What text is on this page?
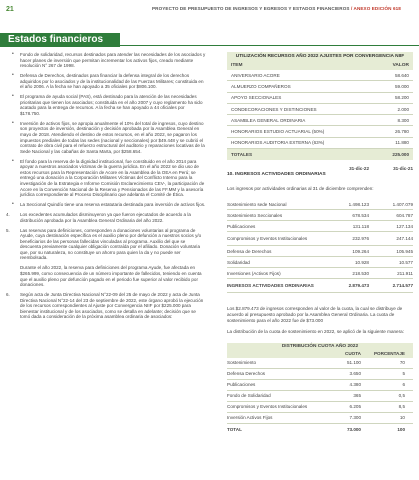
21	PROYECTO DE PRESUPUESTO DE INGRESOS Y EGRESOS Y ESTADOS FINANCIEROS / ANEXO EDICIÓN 618
Estados financieros

• Fondo de solidaridad, recursos destinados para atender las necesidades de los asociados y hacer planes de inversión que permitan incrementar los activos fijos, creado mediante resolución N° 267 de 1998.

• Defensa de Derechos, destinados para financiar la defensa integral de los derechos adquiridos por lo asociados y de la institucionalidad de las Fuerzas Militares; constituida en el año 2006. A la fecha se han apoyado a 35 oficiales por $806.100.

• El programa de ayuda social (PAS), está destinado para la atención de las necesidades prioritarias que tienen los asociados; constituida en el año 2007 y cuyo reglamento ha sido acatado para la entrega de recursos. A la fecha se han apoyado a 44 oficiales por $178.750.

• Inversión de activos fijos, se apropia anualmente el 10% del total de ingresos, cuyo destino son proyectos de inversión, destinación y decisión aprobada por la Asamblea General en mayo de 2018. Atendiendo el destino de estos recursos, en el año 2022, se pagaron los impuestos prediales de todas las sedes (nacional y seccionales) por $49.448 y se cubrió el contrato de obra civil para el refuerzo estructural del auditorio y reparaciones locativas de la Sede Nacional y las cabañas de Santa Marta, por $258.654.

• El fondo para la reserva de la dignidad institucional, fue constituido en el año 2014 para apoyar a nuestros asociados víctimas de la guerra jurídica. En el año 2022 se dio uso de estos recursos para la Representación de Acore en la Asamblea de la OEA en Perú; se entregó una donación a la Corporación Militares Víctimas del Conflicto Interno para la investigación de la Estrategia e Informe Comisión Esclarecimiento CEV-, la participación de Acore en la Convención Nacional de la Reserva y Pensionados de las FF.MM y la asesoría jurídica correspondiente al Proceso Disciplinario que adelanta el Comité de Ética.

• La Seccional Quindío tiene una reserva estatutaria destinada para inversión de activos fijos.

4. Los excedentes acumulados disminuyeron ya que fueron ejecutados de acuerdo a la distribución aprobada por la Asamblea General Ordinaria del año 2022.

5. Las reservas para definiciones, corresponden a donaciones voluntarias al programa de Ayude, cuya destinación específica es el auxilio pleno por defunción a nuestros socios y/o beneficiarios de las personas fallecidas vinculadas al programa. Auxilio del que se descuenta previamente cualquier obligación contraída por el afiliado. Donación voluntaria que, por su naturaleza, no constituye un ahorro para quien la da y no puede ser reembolsada.

Durante el año 2022, la reserva para definiciones del programa Ayude, fue afectada en $265.999, como consecuencia de un número importante de fallecidos, teniendo en cuenta que el auxilio pleno por defunción pagado en el periodo fue superior al valor recibido por donaciones.

6. Según acta de Junta Directiva Nacional N°22-09 del 25 de mayo de 2022 y acta de Junta Directiva Nacional N°22-14 del 23 de septiembre de 2022, este órgano aprobó la ejecución de los recursos correspondientes al Ajuste por Convergencia NIIF por $225.000 para bienestar institucional y de los asociados, como se detalla en adelante; decisión que se tomó dada a consideración de la próxima asamblea ordinaria de asociados:

UTILIZACIÓN RECURSOS AÑO 2022 AJUSTES POR CONVERGENCIA NIIF
ITEM	VALOR
ANIVERSARIO ACORE	58.640
ALMUERZO COMPAÑEROS	59.000
APOYO SECCIONALES	58.200
CONDECORACIONES Y DISTINCIONES	2.000
ASAMBLEA GENERAL ORDINARIA	8.300
HONORARIOS ESTUDIO ACTUARIAL (50%)	26.780
HONORARIOS AUDITORIA EXTERNA (63%)	11.880
TOTALES	225.000
31-dic-22	31-dic-21
10. INGRESOS ACTIVIDADES ORDINARIAS
Los ingresos por actividades ordinarias al 31 de diciembre comprenden:
Sostenimiento sede Nacional	1.498.123	1.407.079
Sostenimiento Seccionales	678.534	604.787
Publicaciones	131.118	127.134
Compromisos y Eventos Institucionales	232.976	247.144
Defensa de Derechos	109.264	105.945
Solidaridad	10.928	10.577
Inversiones (Activos Fijos)	218.530	211.911
INGRESOS ACTIVIDADES ORDINARIAS	2.879.473	2.714.577
Los $2.879.473 de ingresos corresponden al valor de la cuota, la cual se distribuye de acuerdo al presupuesto aprobado por la Asamblea General Ordinaria. La cuota de sostenimiento para el año 2022 fue de $73.000
La distribución de la cuota de sostenimiento en 2022, se aplicó de la siguiente manera:
DISTRIBUCIÓN CUOTA AÑO 2022
CUOTA	PORCENTAJE
Sostenimiento	51.100	70
Defensa Derechos	3.650	5
Publicaciones	4.380	6
Fondo de Solidaridad	365	0,5
Compromisos y Eventos Institucionales	6.205	8,5
Inversión Activos Fijos	7.300	10
TOTAL	73.000	100
